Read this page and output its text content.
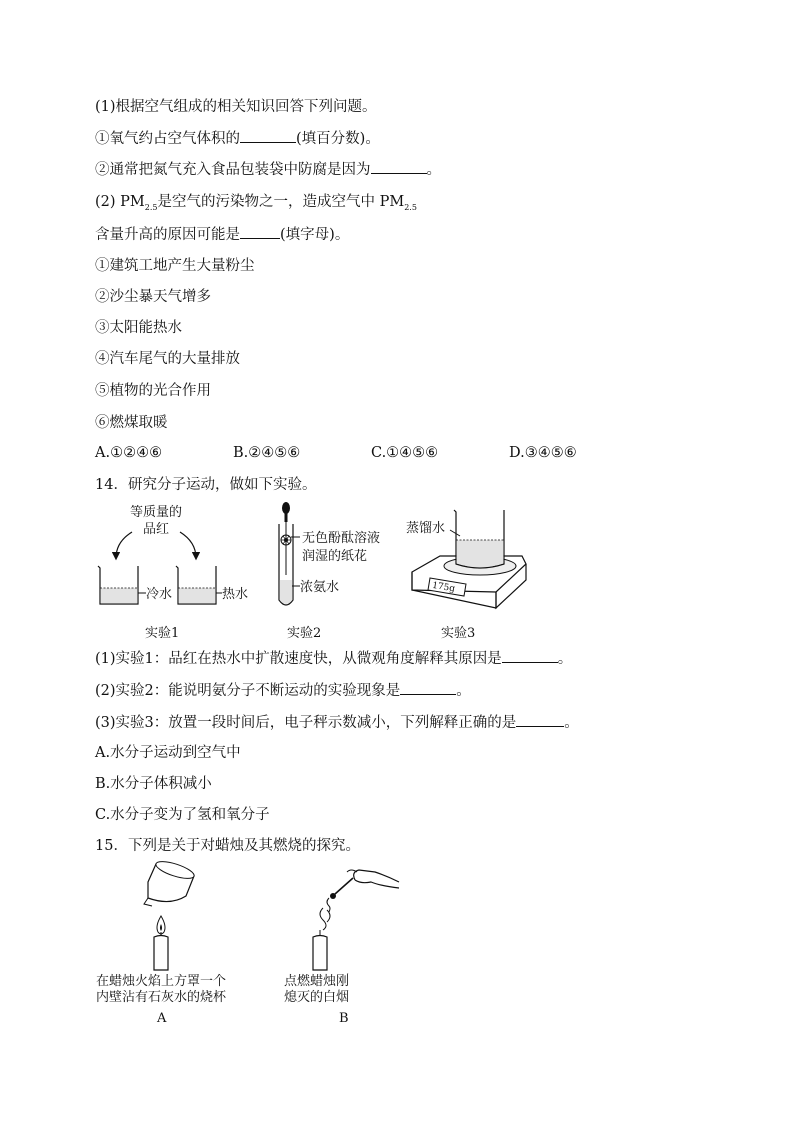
(1)根据空气组成的相关知识回答下列问题。
①氧气约占空气体积的	(填百分数)。
②通常把氮气充入食品包装袋中防腐是因为	。
(2) $PM_{2.5}$是空气的污染物之一，造成空气中 $PM_{2.5}$
含量升高的原因可能是	(填字母)。
①建筑工地产生大量粉尘
②沙尘暴天气增多
③太阳能热水
④汽车尾气的大量排放
⑤植物的光合作用
⑥燃煤取暖
A.①②④⑥	B.②④⑤⑥	C.①④⑤⑥	D.③④⑤⑥
14．研究分子运动，做如下实验。
等质量的
品红
冷水	热水
无色酚酞溶液
润湿的纸花
浓氨水	175g
蒸馏水
实验1	实验2	实验3
(1)实验1：品红在热水中扩散速度快，从微观角度解释其原因是	。
(2)实验2：能说明氨分子不断运动的实验现象是	。
(3)实验3：放置一段时间后，电子秤示数减小，下列解释正确的是	。
A.水分子运动到空气中
B.水分子体积减小
C.水分子变为了氢和氧分子
15．下列是关于对蜡烛及其燃烧的探究。
在蜡烛火焰上方罩一个
内壁沾有石灰水的烧杯
A
点燃蜡烛刚
熄灭的白烟
B
